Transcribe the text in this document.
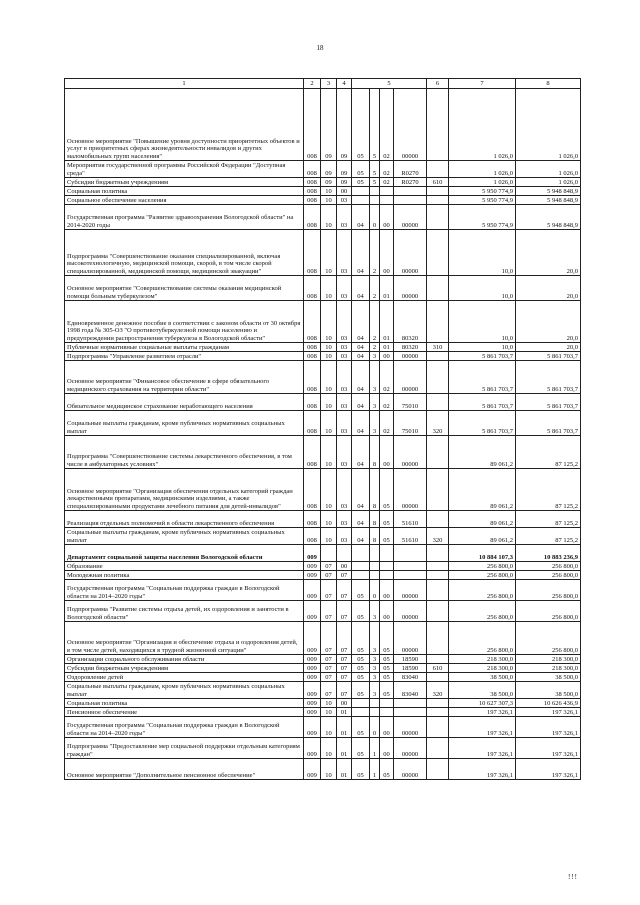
18
1	2	3	4	5				6	7	8
Основное мероприятие "Повышение уровня доступности приоритетных объектов и услуг в приоритетных сферах жизнедеятельности инвалидов и других маломобильных групп населения"	008	09	09	05	5	02	00000		1 026,0	1 026,0
Мероприятия государственной программы Российской Федерации "Доступная среда"	008	09	09	05	5	02	R0270		1 026,0	1 026,0
Субсидии бюджетным учреждениям	008	09	09	05	5	02	R0270	610	1 026,0	1 026,0
Социальная политика	008	10	00						5 950 774,9	5 948 848,9
Социальное обеспечение населения	008	10	03						5 950 774,9	5 948 848,9
Государственная программа "Развитие здравоохранения Вологодской области" на 2014-2020 годы	008	10	03	04	0	00	00000		5 950 774,9	5 948 848,9
Подпрограмма "Совершенствование оказания специализированной, включая высокотехнологичную, медицинской помощи, скорой, в том числе скорой специализированной, медицинской помощи, медицинской эвакуации"	008	10	03	04	2	00	00000		10,0	20,0
Основное мероприятие "Совершенствование системы оказания медицинской помощи больным туберкулезом"	008	10	03	04	2	01	00000		10,0	20,0
Единовременное денежное пособие в соответствии с законом области от 30 октября 1998 года № 305-ОЗ "О противотуберкулезной помощи населению и предупреждении распространения туберкулеза в Вологодской области"	008	10	03	04	2	01	80320		10,0	20,0
Публичные нормативные социальные выплаты гражданам	008	10	03	04	2	01	80320	310	10,0	20,0
Подпрограмма "Управление развитием отрасли"	008	10	03	04	3	00	00000		5 861 703,7	5 861 703,7
Основное мероприятие "Финансовое обеспечение в сфере обязательного медицинского страхования на территории области"	008	10	03	04	3	02	00000		5 861 703,7	5 861 703,7
Обязательное медицинское страхование неработающего населения	008	10	03	04	3	02	75010		5 861 703,7	5 861 703,7
Социальные выплаты гражданам, кроме публичных нормативных социальных выплат	008	10	03	04	3	02	75010	320	5 861 703,7	5 861 703,7
Подпрограмма "Совершенствование системы лекарственного обеспечения, в том числе в амбулаторных условиях"	008	10	03	04	8	00	00000		89 061,2	87 125,2
Основное мероприятие "Организация обеспечения отдельных категорий граждан лекарственными препаратами, медицинскими изделиями, а также специализированными продуктами лечебного питания для детей-инвалидов"	008	10	03	04	8	05	00000		89 061,2	87 125,2
Реализация отдельных полномочий в области лекарственного обеспечения	008	10	03	04	8	05	51610		89 061,2	87 125,2
Социальные выплаты гражданам, кроме публичных нормативных социальных выплат	008	10	03	04	8	05	51610	320	89 061,2	87 125,2
Департамент социальной защиты населения Вологодской области	009								10 884 107,3	10 883 236,9
Образование	009	07	00						256 800,0	256 800,0
Молодежная политика	009	07	07						256 800,0	256 800,0
Государственная программа "Социальная поддержка граждан в Вологодской области на 2014–2020 годы"	009	07	07	05	0	00	00000		256 800,0	256 800,0
Подпрограмма "Развитие системы отдыха детей, их оздоровления и занятости в Вологодской области"	009	07	07	05	3	00	00000		256 800,0	256 800,0
Основное мероприятие "Организация и обеспечение отдыха и оздоровления детей, в том числе детей, находящихся в трудной жизненной ситуации"	009	07	07	05	3	05	00000		256 800,0	256 800,0
Организации социального обслуживания области	009	07	07	05	3	05	18590		218 300,0	218 300,0
Субсидии бюджетным учреждениям	009	07	07	05	3	05	18590	610	218 300,0	218 300,0
Оздоровление детей	009	07	07	05	3	05	83040		38 500,0	38 500,0
Социальные выплаты гражданам, кроме публичных нормативных социальных выплат	009	07	07	05	3	05	83040	320	38 500,0	38 500,0
Социальная политика	009	10	00						10 627 307,3	10 626 436,9
Пенсионное обеспечение	009	10	01						197 326,1	197 326,1
Государственная программа "Социальная поддержка граждан в Вологодской области на 2014–2020 годы"	009	10	01	05	0	00	00000		197 326,1	197 326,1
Подпрограмма "Предоставление мер социальной поддержки отдельным категориям граждан"	009	10	01	05	1	00	00000		197 326,1	197 326,1
Основное мероприятие "Дополнительное пенсионное обеспечение"	009	10	01	05	1	05	00000		197 326,1	197 326,1
!!!
